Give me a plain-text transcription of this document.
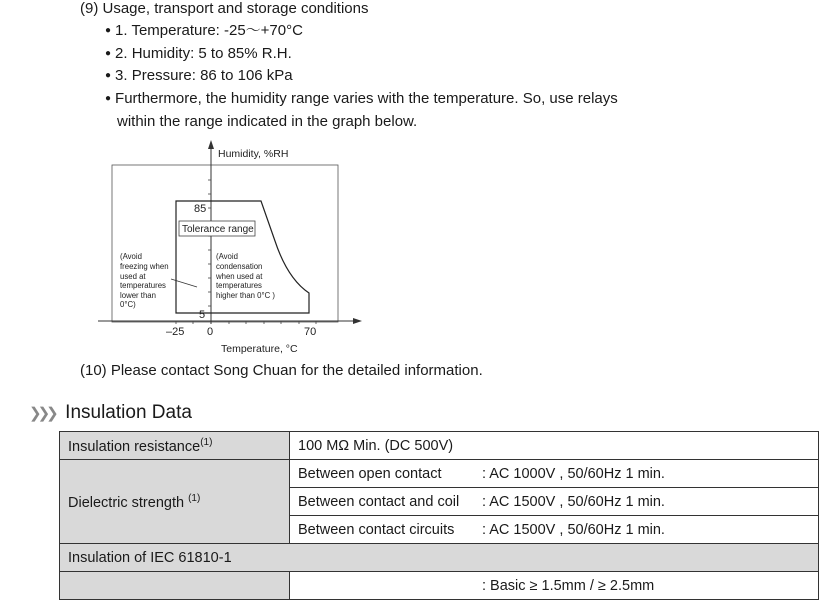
(9) Usage, transport and storage conditions
● 1. Temperature: -25～+70°C
● 2. Humidity: 5 to 85% R.H.
● 3. Pressure: 86 to 106 kPa
● Furthermore, the humidity range varies with the temperature. So, use relays
within the range indicated in the graph below.
Tolerance range
Humidity, %RH
Temperature, °C
85
5
–25 0	70
(Avoid
freezing when
used at
temperatures
lower than
0°C)
(Avoid
condensation
when used at
temperatures
higher than 0°C )
(10) Please contact Song Chuan for the detailed information.
❯❯❯ Insulation Data
Insulation resistance$^{(1)}$	100 MΩ Min. (DC 500V)
Dielectric strength $^{(1)}$	Between open contact : AC 1000V , 50/60Hz 1 min.
	Between contact and coil : AC 1500V , 50/60Hz 1 min.
	Between contact circuits : AC 1500V , 50/60Hz 1 min.
Insulation of IEC 61810-1	
	: Basic ≥ 1.5mm / ≥ 2.5mm
